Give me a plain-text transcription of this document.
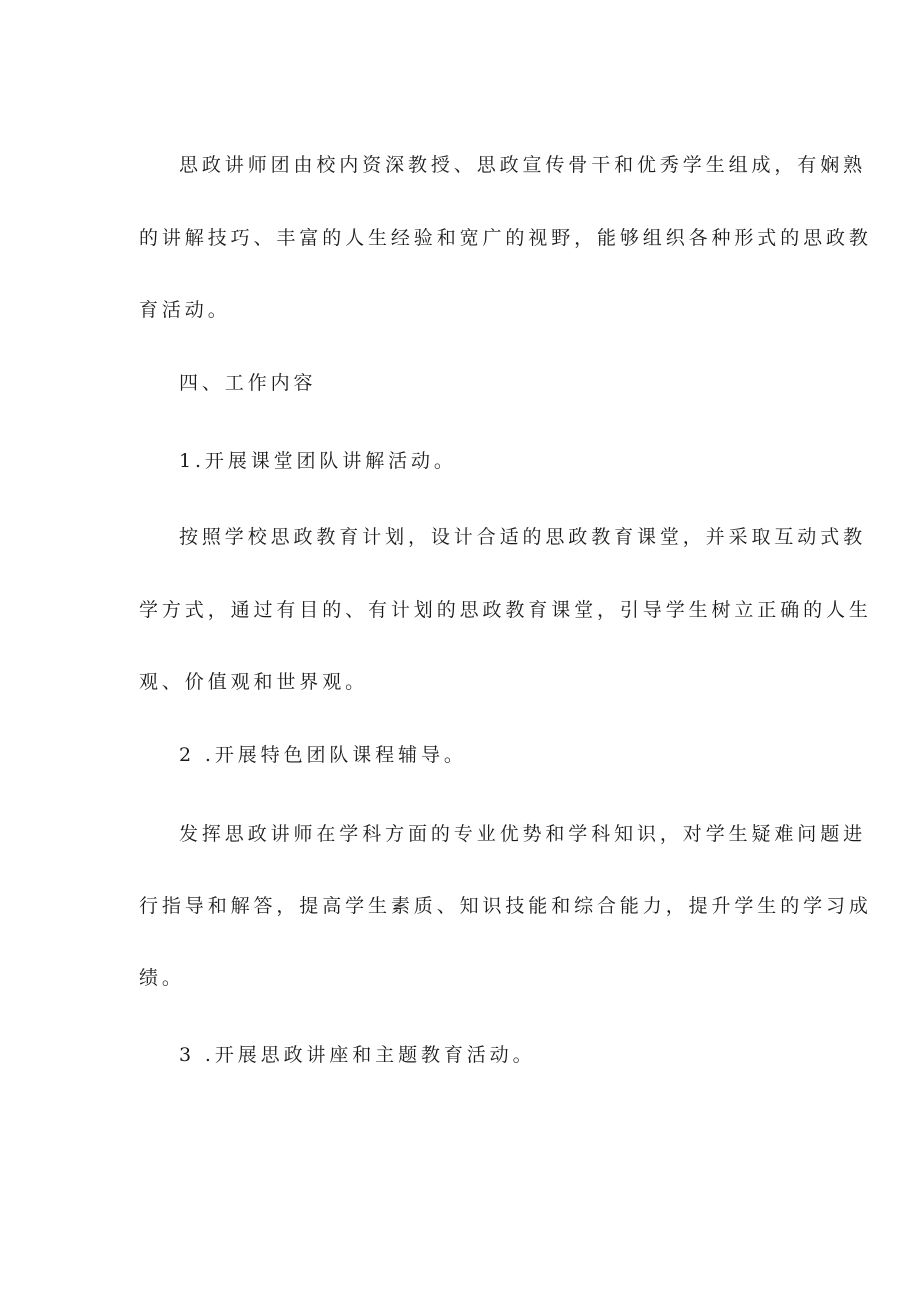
思政讲师团由校内资深教授、思政宣传骨干和优秀学生组成，有娴熟
的讲解技巧、丰富的人生经验和宽广的视野，能够组织各种形式的思政教
育活动。
四、工作内容
1.开展课堂团队讲解活动。
按照学校思政教育计划，设计合适的思政教育课堂，并采取互动式教
学方式，通过有目的、有计划的思政教育课堂，引导学生树立正确的人生
观、价值观和世界观。
2 .开展特色团队课程辅导。
发挥思政讲师在学科方面的专业优势和学科知识，对学生疑难问题进
行指导和解答，提高学生素质、知识技能和综合能力，提升学生的学习成
绩。
3 .开展思政讲座和主题教育活动。
